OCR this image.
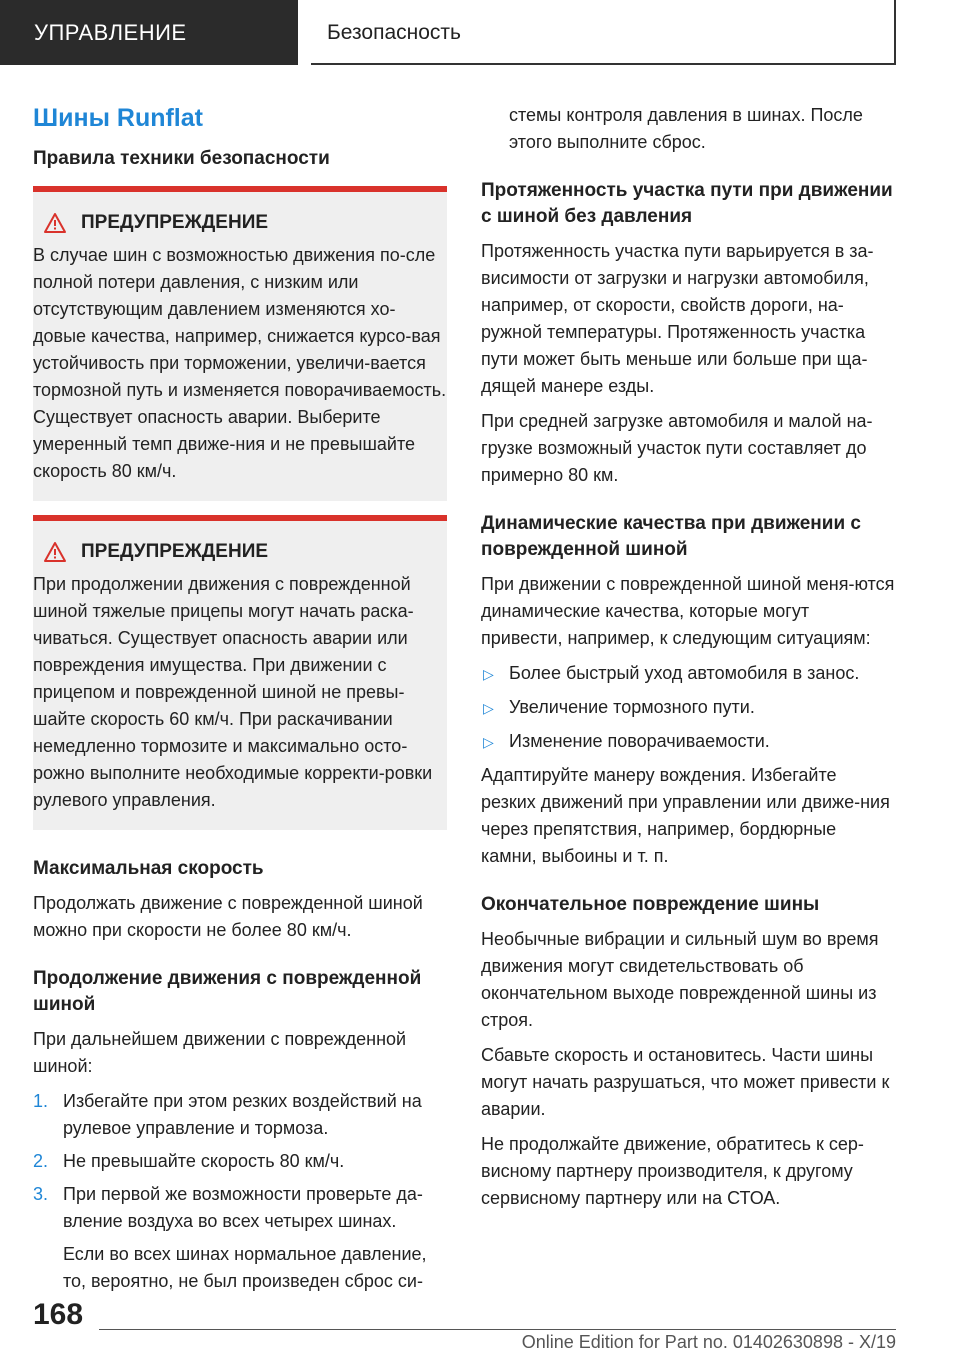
УПРАВЛЕНИЕ	Безопасность
Шины Runflat
Правила техники безопасности
ПРЕДУПРЕЖДЕНИЕ

В случае шин с возможностью движения по-сле полной потери давления, с низким или отсутствующим давлением изменяются хо-довые качества, например, снижается курсо-вая устойчивость при торможении, увеличи-вается тормозной путь и изменяется поворачиваемость. Существует опасность аварии. Выберите умеренный темп движе-ния и не превышайте скорость 80 км/ч.

ПРЕДУПРЕЖДЕНИЕ

При продолжении движения с поврежденной шиной тяжелые прицепы могут начать раска-чиваться. Существует опасность аварии или повреждения имущества. При движении с прицепом и поврежденной шиной не превы-шайте скорость 60 км/ч. При раскачивании немедленно тормозите и максимально осто-рожно выполните необходимые корректи-ровки рулевого управления.

Максимальная скорость

Продолжать движение с поврежденной шиной можно при скорости не более 80 км/ч.

Продолжение движения с поврежденной шиной

При дальнейшем движении с поврежденной шиной:

1. Избегайте при этом резких воздействий на рулевое управление и тормоза.
2. Не превышайте скорость 80 км/ч.
3. При первой же возможности проверьте да-вление воздуха во всех четырех шинах.
Если во всех шинах нормальное давление, то, вероятно, не был произведен сброс си-

стемы контроля давления в шинах. После этого выполните сброс.

Протяженность участка пути при движении с шиной без давления

Протяженность участка пути варьируется в за-висимости от загрузки и нагрузки автомобиля, например, от скорости, свойств дороги, на-ружной температуры. Протяженность участка пути может быть меньше или больше при ща-дящей манере езды.

При средней загрузке автомобиля и малой на-грузке возможный участок пути составляет до примерно 80 км.

Динамические качества при движении с поврежденной шиной

При движении с поврежденной шиной меня-ются динамические качества, которые могут привести, например, к следующим ситуациям:

▷ Более быстрый уход автомобиля в занос.
▷ Увеличение тормозного пути.
▷ Изменение поворачиваемости.

Адаптируйте манеру вождения. Избегайте резких движений при управлении или движе-ния через препятствия, например, бордюрные камни, выбоины и т. п.

Окончательное повреждение шины

Необычные вибрации и сильный шум во время движения могут свидетельствовать об окончательном выходе поврежденной шины из строя.

Сбавьте скорость и остановитесь. Части шины могут начать разрушаться, что может привести к аварии.

Не продолжайте движение, обратитесь к сер-висному партнеру производителя, к другому сервисному партнеру или на СТОА.

168
Online Edition for Part no. 01402630898 - X/19
